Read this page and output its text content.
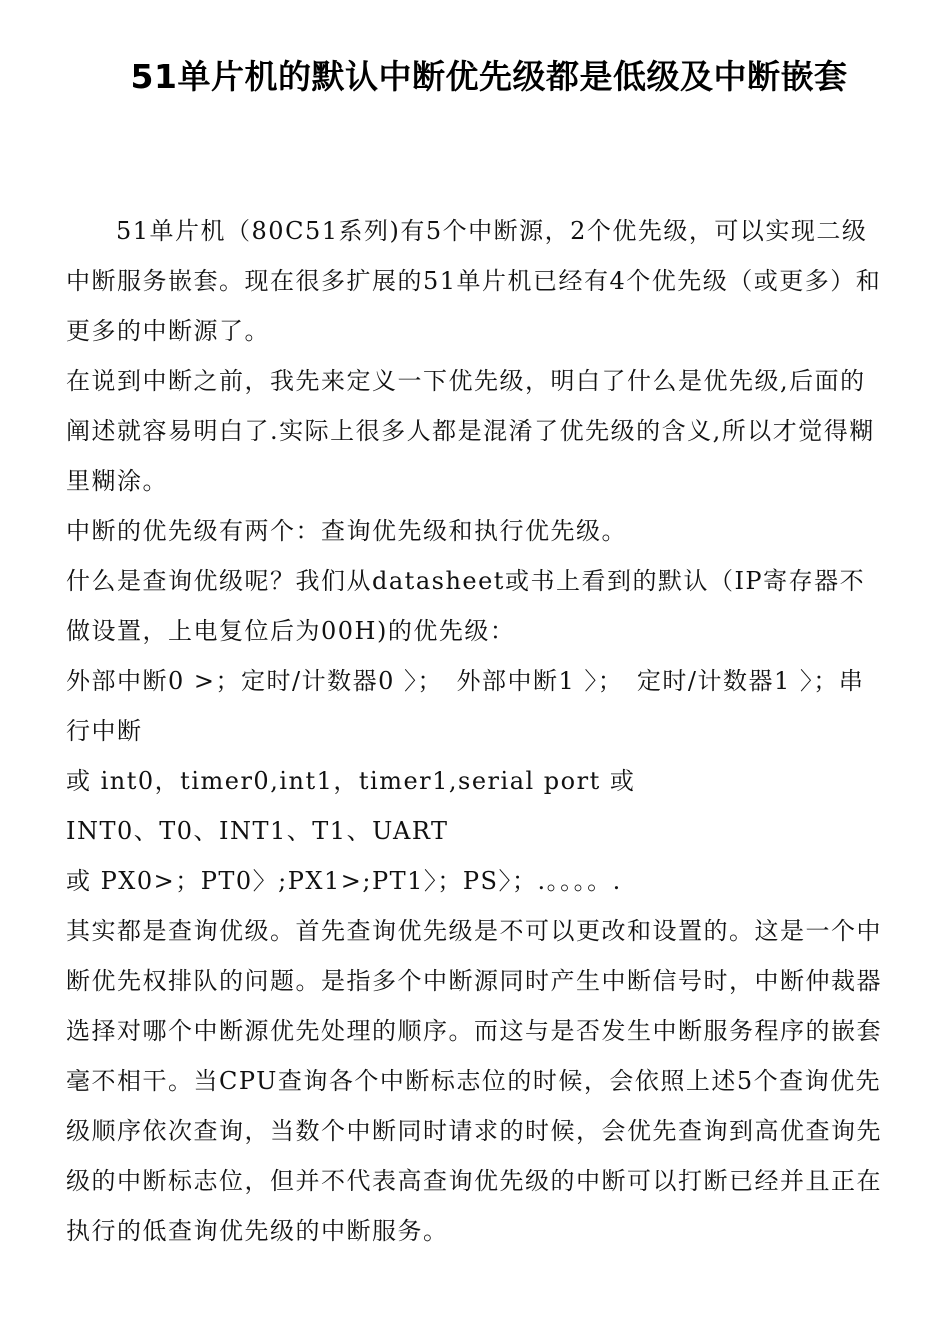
51单片机的默认中断优先级都是低级及中断嵌套

51单片机（80C51系列)有5个中断源，2个优先级，可以实现二级中断服务嵌套。现在很多扩展的51单片机已经有4个优先级（或更多）和更多的中断源了。

在说到中断之前，我先来定义一下优先级，明白了什么是优先级,后面的阐述就容易明白了.实际上很多人都是混淆了优先级的含义,所以才觉得糊里糊涂。

中断的优先级有两个：查询优先级和执行优先级。

什么是查询优级呢？我们从datasheet或书上看到的默认（IP寄存器不做设置，上电复位后为00H)的优先级：

外部中断0 >；定时/计数器0 〉；　外部中断1 〉；　定时/计数器1 〉；串行中断

或 int0，timer0,int1，timer1,serial port 或

INT0、T0、INT1、T1、UART

或 PX0>；PT0〉;PX1>;PT1〉；PS〉；.。。。。.

其实都是查询优级。首先查询优先级是不可以更改和设置的。这是一个中断优先权排队的问题。是指多个中断源同时产生中断信号时，中断仲裁器选择对哪个中断源优先处理的顺序。而这与是否发生中断服务程序的嵌套毫不相干。当CPU查询各个中断标志位的时候，会依照上述5个查询优先级顺序依次查询，当数个中断同时请求的时候，会优先查询到高优查询先级的中断标志位，但并不代表高查询优先级的中断可以打断已经并且正在执行的低查询优先级的中断服务。
